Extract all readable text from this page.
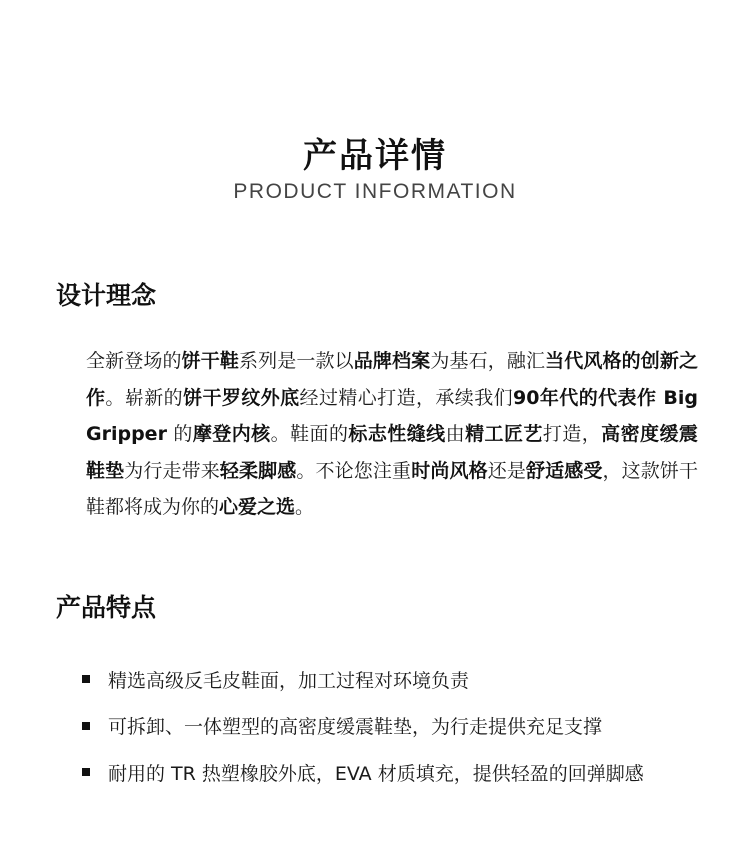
产品详情
PRODUCT INFORMATION
设计理念
全新登场的饼干鞋系列是一款以品牌档案为基石，融汇当代风格的创新之作。崭新的饼干罗纹外底经过精心打造，承续我们90年代的代表作 Big Gripper 的摩登内核。鞋面的标志性缝线由精工匠艺打造，高密度缓震鞋垫为行走带来轻柔脚感。不论您注重时尚风格还是舒适感受，这款饼干鞋都将成为你的心爱之选。
产品特点
精选高级反毛皮鞋面，加工过程对环境负责
可拆卸、一体塑型的高密度缓震鞋垫，为行走提供充足支撑
耐用的 TR 热塑橡胶外底，EVA 材质填充，提供轻盈的回弹脚感
